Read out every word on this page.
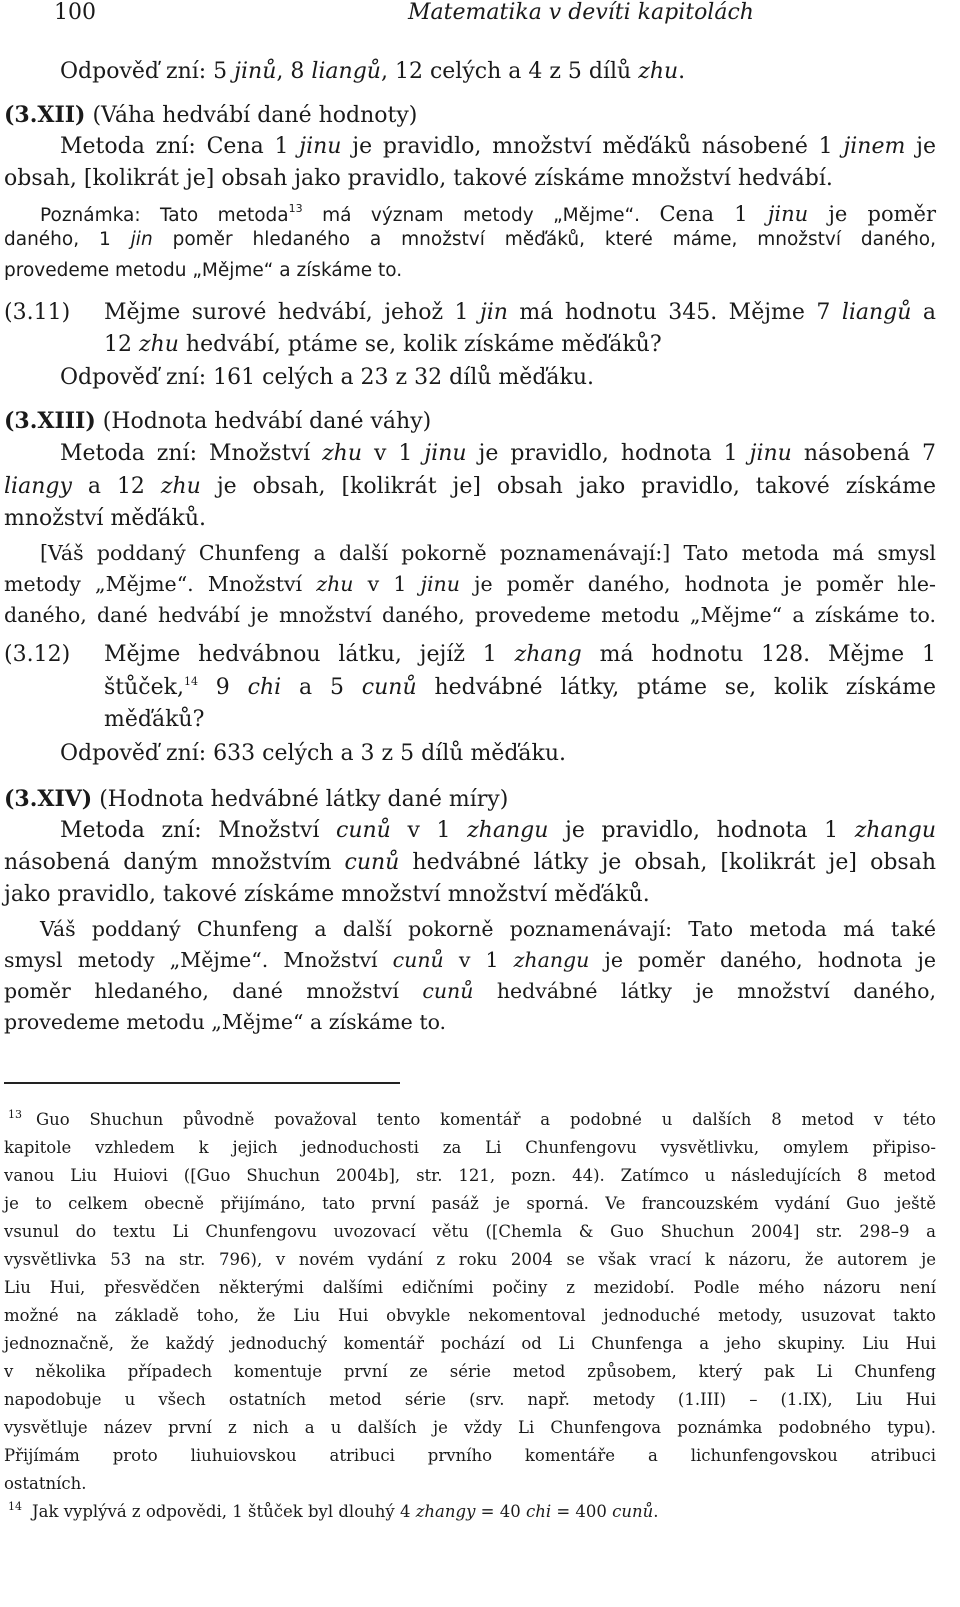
100	Matematika v devíti kapitolách
Odpověď zní: 5 jinů, 8 liangů, 12 celých a 4 z 5 dílů zhu.
(3.XII) (Váha hedvábí dané hodnoty)
Metoda zní: Cena 1 jinu je pravidlo, množství měďáků násobené 1 jinem je
obsah, [kolikrát je] obsah jako pravidlo, takové získáme množství hedvábí.
Poznámka: Tato metoda$^{13}$ má význam metody „Mějme“. Cena 1 jinu je poměr
daného, 1 jin poměr hledaného a množství měďáků, které máme, množství daného,
provedeme metodu „Mějme“ a získáme to.
(3.11) Mějme surové hedvábí, jehož 1 jin má hodnotu 345. Mějme 7 liangů a
12 zhu hedvábí, ptáme se, kolik získáme měďáků?
Odpověď zní: 161 celých a 23 z 32 dílů měďáku.
(3.XIII) (Hodnota hedvábí dané váhy)
Metoda zní: Množství zhu v 1 jinu je pravidlo, hodnota 1 jinu násobená 7
liangy a 12 zhu je obsah, [kolikrát je] obsah jako pravidlo, takové získáme
množství měďáků.
[Váš poddaný Chunfeng a další pokorně poznamenávají:] Tato metoda má smysl
metody „Mějme“. Množství zhu v 1 jinu je poměr daného, hodnota je poměr hle-
daného, dané hedvábí je množství daného, provedeme metodu „Mějme“ a získáme to.
(3.12) Mějme hedvábnou látku, jejíž 1 zhang má hodnotu 128. Mějme 1
štůček,$^{14}$ 9 chi a 5 cunů hedvábné látky, ptáme se, kolik získáme
měďáků?
Odpověď zní: 633 celých a 3 z 5 dílů měďáku.
(3.XIV) (Hodnota hedvábné látky dané míry)
Metoda zní: Množství cunů v 1 zhangu je pravidlo, hodnota 1 zhangu
násobená daným množstvím cunů hedvábné látky je obsah, [kolikrát je] obsah
jako pravidlo, takové získáme množství množství měďáků.
Váš poddaný Chunfeng a další pokorně poznamenávají: Tato metoda má také
smysl metody „Mějme“. Množství cunů v 1 zhangu je poměr daného, hodnota je
poměr hledaného, dané množství cunů hedvábné látky je množství daného,
provedeme metodu „Mějme“ a získáme to.
13 Guo Shuchun původně považoval tento komentář a podobné u dalších 8 metod v této
kapitole vzhledem k jejich jednoduchosti za Li Chunfengovu vysvětlivku, omylem připiso-
vanou Liu Huiovi ([Guo Shuchun 2004b], str. 121, pozn. 44). Zatímco u následujících 8 metod
je to celkem obecně přijímáno, tato první pasáž je sporná. Ve francouzském vydání Guo ještě
vsunul do textu Li Chunfengovu uvozovací větu ([Chemla & Guo Shuchun 2004] str. 298–9 a
vysvětlivka 53 na str. 796), v novém vydání z roku 2004 se však vrací k názoru, že autorem je
Liu Hui, přesvědčen některými dalšími edičními počiny z mezidobí. Podle mého názoru není
možné na základě toho, že Liu Hui obvykle nekomentoval jednoduché metody, usuzovat takto
jednoznačně, že každý jednoduchý komentář pochází od Li Chunfenga a jeho skupiny. Liu Hui
v několika případech komentuje první ze série metod způsobem, který pak Li Chunfeng
napodobuje u všech ostatních metod série (srv. např. metody (1.III) – (1.IX), Liu Hui
vysvětluje název první z nich a u dalších je vždy Li Chunfengova poznámka podobného typu).
Přijímám proto liuhuiovskou atribuci prvního komentáře a lichunfengovskou atribuci
ostatních.
14 Jak vyplývá z odpovědi, 1 štůček byl dlouhý 4 zhangy = 40 chi = 400 cunů.
